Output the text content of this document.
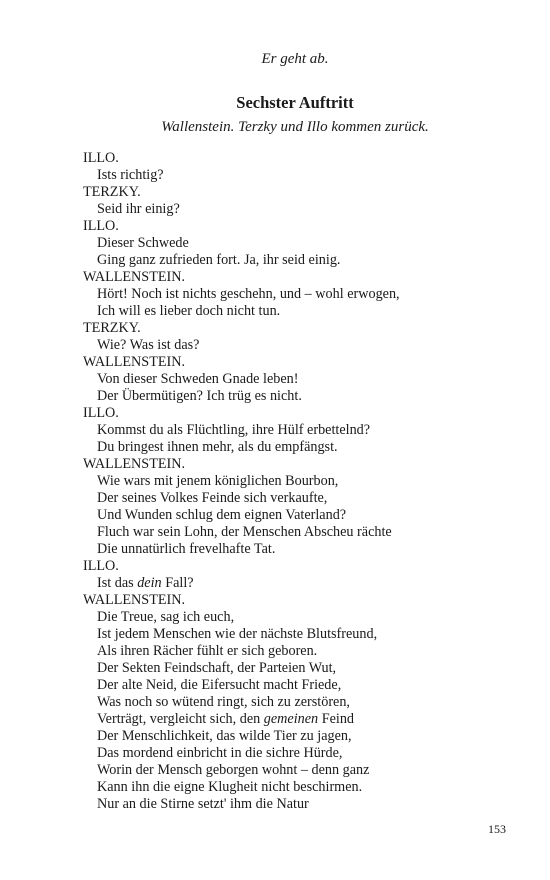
Er geht ab.
Sechster Auftritt
Wallenstein. Terzky und Illo kommen zurück.
ILLO.
Ists richtig?
TERZKY.
Seid ihr einig?
ILLO.
Dieser Schwede
Ging ganz zufrieden fort. Ja, ihr seid einig.
WALLENSTEIN.
Hört! Noch ist nichts geschehn, und – wohl erwogen,
Ich will es lieber doch nicht tun.
TERZKY.
Wie? Was ist das?
WALLENSTEIN.
Von dieser Schweden Gnade leben!
Der Übermütigen? Ich trüg es nicht.
ILLO.
Kommst du als Flüchtling, ihre Hülf erbettelnd?
Du bringest ihnen mehr, als du empfängst.
WALLENSTEIN.
Wie wars mit jenem königlichen Bourbon,
Der seines Volkes Feinde sich verkaufte,
Und Wunden schlug dem eignen Vaterland?
Fluch war sein Lohn, der Menschen Abscheu rächte
Die unnatürlich frevelhafte Tat.
ILLO.
Ist das dein Fall?
WALLENSTEIN.
Die Treue, sag ich euch,
Ist jedem Menschen wie der nächste Blutsfreund,
Als ihren Rächer fühlt er sich geboren.
Der Sekten Feindschaft, der Parteien Wut,
Der alte Neid, die Eifersucht macht Friede,
Was noch so wütend ringt, sich zu zerstören,
Verträgt, vergleicht sich, den gemeinen Feind
Der Menschlichkeit, das wilde Tier zu jagen,
Das mordend einbricht in die sichre Hürde,
Worin der Mensch geborgen wohnt – denn ganz
Kann ihn die eigne Klugheit nicht beschirmen.
Nur an die Stirne setzt' ihm die Natur
153
